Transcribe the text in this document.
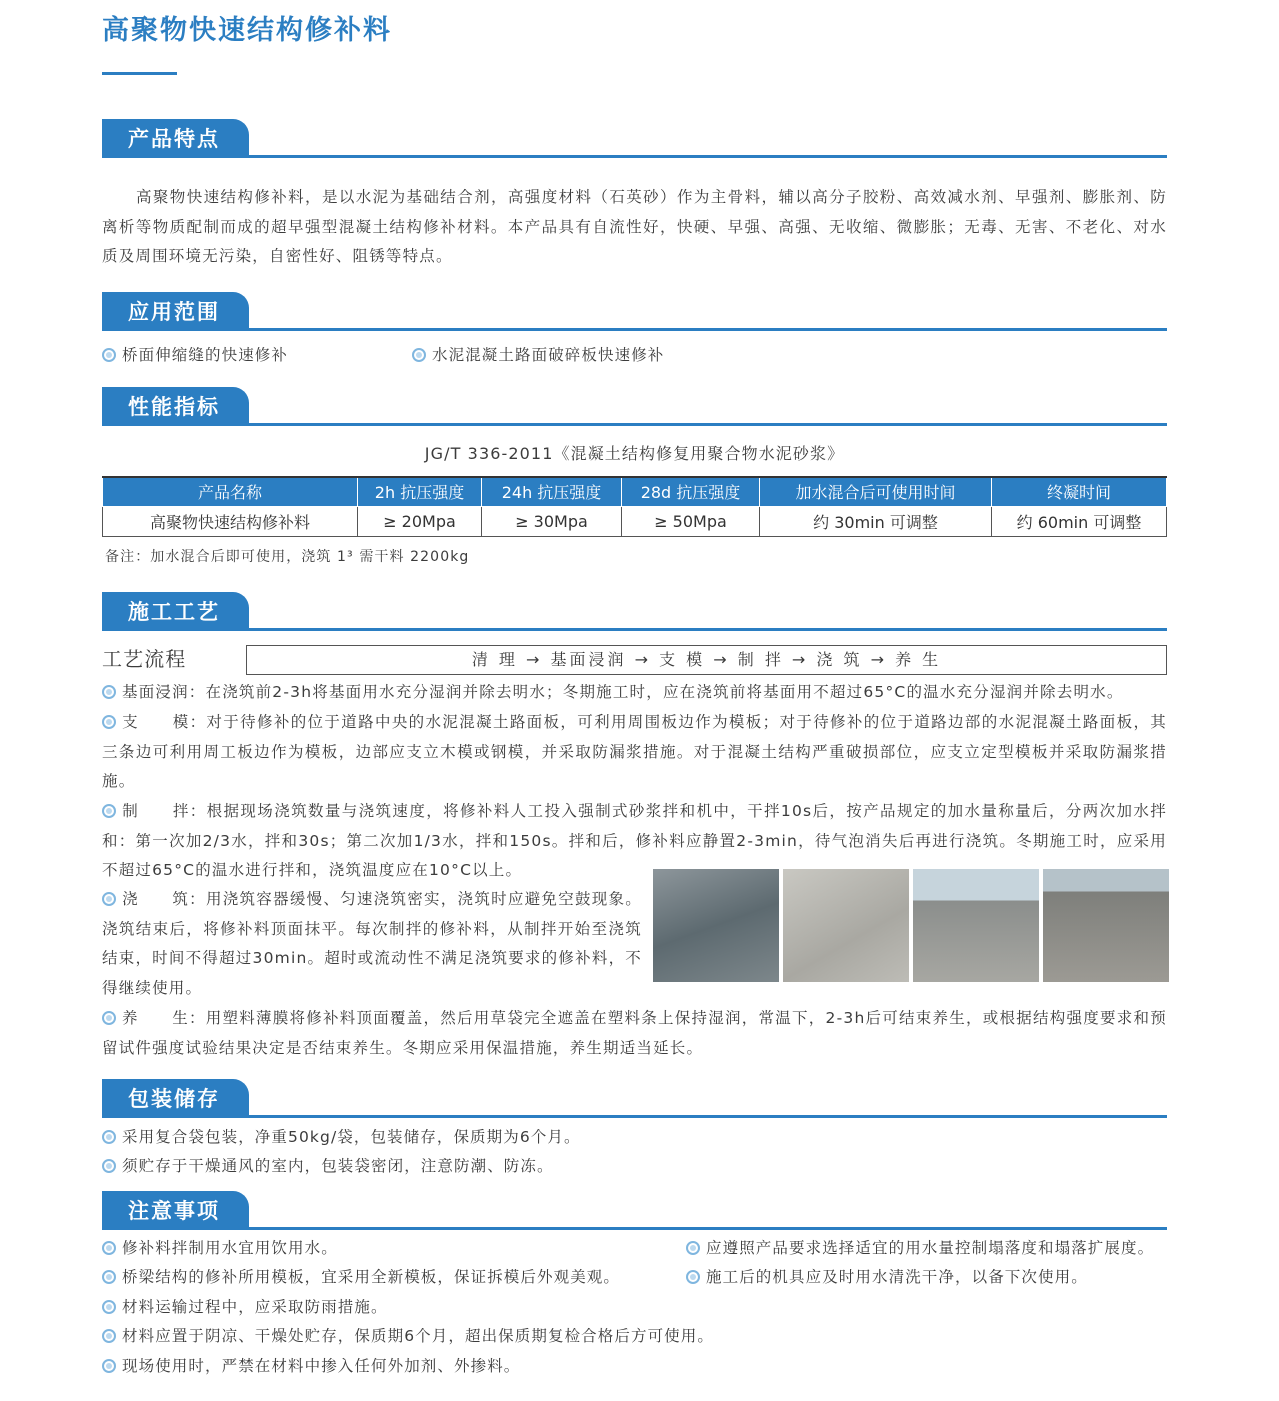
高聚物快速结构修补料
产品特点
高聚物快速结构修补料，是以水泥为基础结合剂，高强度材料（石英砂）作为主骨料，辅以高分子胶粉、高效减水剂、早强剂、膨胀剂、防离析等物质配制而成的超早强型混凝土结构修补材料。本产品具有自流性好，快硬、早强、高强、无收缩、微膨胀；无毒、无害、不老化、对水质及周围环境无污染，自密性好、阻锈等特点。
应用范围
桥面伸缩缝的快速修补	水泥混凝土路面破碎板快速修补
性能指标
JG/T 336-2011《混凝土结构修复用聚合物水泥砂浆》
产品名称	2h 抗压强度	24h 抗压强度	28d 抗压强度	加水混合后可使用时间	终凝时间
高聚物快速结构修补料	≥ 20Mpa	≥ 30Mpa	≥ 50Mpa	约 30min 可调整	约 60min 可调整
备注：加水混合后即可使用，浇筑 1³ 需干料 2200kg
施工工艺
工艺流程	清 理 → 基面浸润 → 支 模 → 制 拌 → 浇 筑 → 养 生
基面浸润：在浇筑前2-3h将基面用水充分湿润并除去明水；冬期施工时，应在浇筑前将基面用不超过65°C的温水充分湿润并除去明水。
支　　模：对于待修补的位于道路中央的水泥混凝土路面板，可利用周围板边作为模板；对于待修补的位于道路边部的水泥混凝土路面板，其三条边可利用周工板边作为模板，边部应支立木模或钢模，并采取防漏浆措施。对于混凝土结构严重破损部位，应支立定型模板并采取防漏浆措施。
制　　拌：根据现场浇筑数量与浇筑速度，将修补料人工投入强制式砂浆拌和机中，干拌10s后，按产品规定的加水量称量后，分两次加水拌和：第一次加2/3水，拌和30s；第二次加1/3水，拌和150s。拌和后，修补料应静置2-3min，待气泡消失后再进行浇筑。冬期施工时，应采用不超过65°C的温水进行拌和，浇筑温度应在10°C以上。
浇　　筑：用浇筑容器缓慢、匀速浇筑密实，浇筑时应避免空鼓现象。浇筑结束后，将修补料顶面抹平。每次制拌的修补料，从制拌开始至浇筑结束，时间不得超过30min。超时或流动性不满足浇筑要求的修补料，不得继续使用。
养　　生：用塑料薄膜将修补料顶面覆盖，然后用草袋完全遮盖在塑料条上保持湿润，常温下，2-3h后可结束养生，或根据结构强度要求和预留试件强度试验结果决定是否结束养生。冬期应采用保温措施，养生期适当延长。
包装储存
采用复合袋包装，净重50kg/袋，包装储存，保质期为6个月。
须贮存于干燥通风的室内，包装袋密闭，注意防潮、防冻。
注意事项
修补料拌制用水宜用饮用水。
桥梁结构的修补所用模板，宜采用全新模板，保证拆模后外观美观。
材料运输过程中，应采取防雨措施。
材料应置于阴凉、干燥处贮存，保质期6个月，超出保质期复检合格后方可使用。
现场使用时，严禁在材料中掺入任何外加剂、外掺料。
应遵照产品要求选择适宜的用水量控制塌落度和塌落扩展度。
施工后的机具应及时用水清洗干净，以备下次使用。
